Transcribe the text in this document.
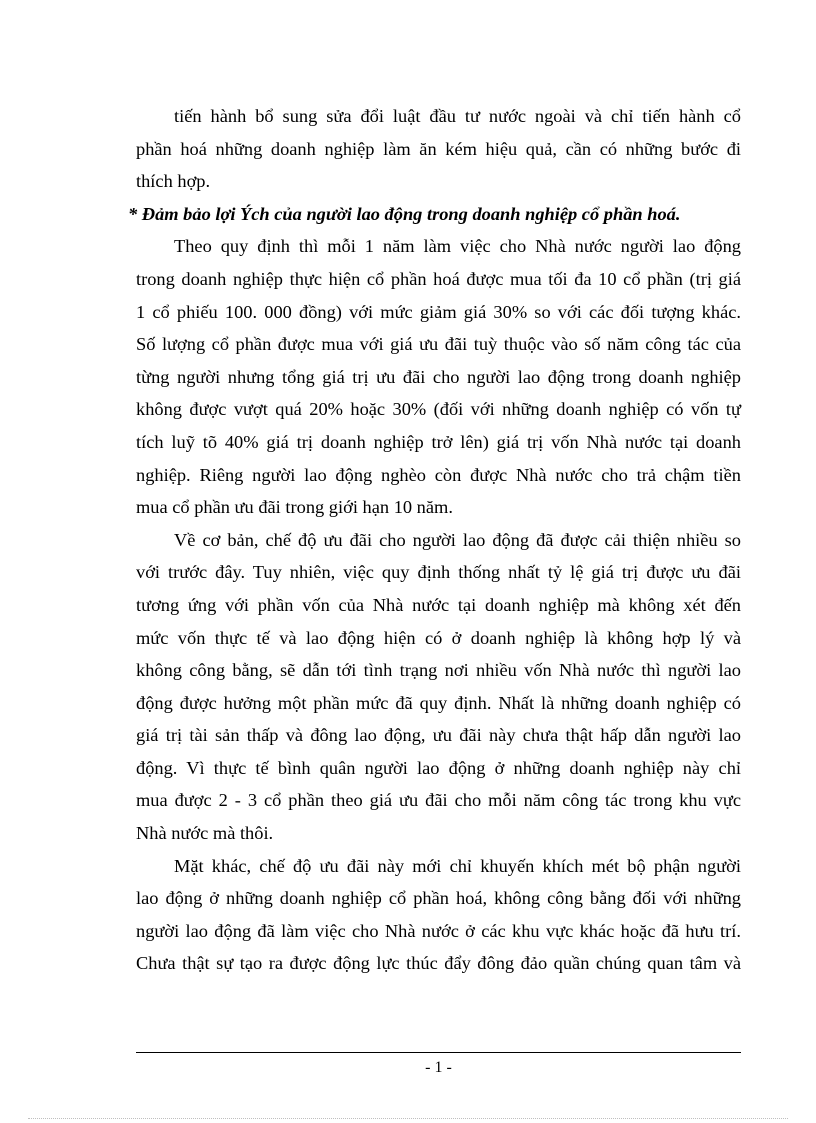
tiến hành bổ sung sửa đổi luật đầu tư nước ngoài và chỉ tiến hành cổ
phần hoá những doanh nghiệp làm ăn kém hiệu quả, cần có những bước đi
thích hợp.
* Đảm bảo lợi Ých của người lao động trong doanh nghiệp cổ phần hoá.
Theo quy định thì mỗi 1 năm làm việc cho Nhà nước người lao động
trong doanh nghiệp thực hiện cổ phần hoá được mua tối đa 10 cổ phần (trị giá
1 cổ phiếu 100. 000 đồng) với mức giảm giá 30% so với các đối tượng khác.
Số lượng cổ phần được mua với giá ưu đãi tuỳ thuộc vào số năm công tác của
từng người nhưng tổng giá trị ưu đãi cho người lao động trong doanh nghiệp
không được vượt quá 20% hoặc 30% (đối với những doanh nghiệp có vốn tự
tích luỹ tõ 40% giá trị doanh nghiệp trở lên) giá trị vốn Nhà nước tại doanh
nghiệp. Riêng người lao động nghèo còn được Nhà nước cho trả chậm tiền
mua cổ phần ưu đãi trong giới hạn 10 năm.
Về cơ bản, chế độ ưu đãi cho người lao động đã được cải thiện nhiều so
với trước đây. Tuy nhiên, việc quy định thống nhất tỷ lệ giá trị được ưu đãi
tương ứng với phần vốn của Nhà nước tại doanh nghiệp mà không xét đến
mức vốn thực tế và lao động hiện có ở doanh nghiệp là không hợp lý và
không công bằng, sẽ dẫn tới tình trạng nơi nhiều vốn Nhà nước thì người lao
động được hưởng một phần mức đã quy định. Nhất là những doanh nghiệp có
giá trị tài sản thấp và đông lao động, ưu đãi này chưa thật hấp dẫn người lao
động. Vì thực tế bình quân người lao động ở những doanh nghiệp này chỉ
mua được 2 - 3 cổ phần theo giá ưu đãi cho mỗi năm công tác trong khu vực
Nhà nước mà thôi.
Mặt khác, chế độ ưu đãi này mới chỉ khuyến khích mét bộ phận người
lao động ở những doanh nghiệp cổ phần hoá, không công bằng đối với những
người lao động đã làm việc cho Nhà nước ở các khu vực khác hoặc đã hưu trí.
Chưa thật sự tạo ra được động lực thúc đẩy đông đảo quần chúng quan tâm và
- 1 -
